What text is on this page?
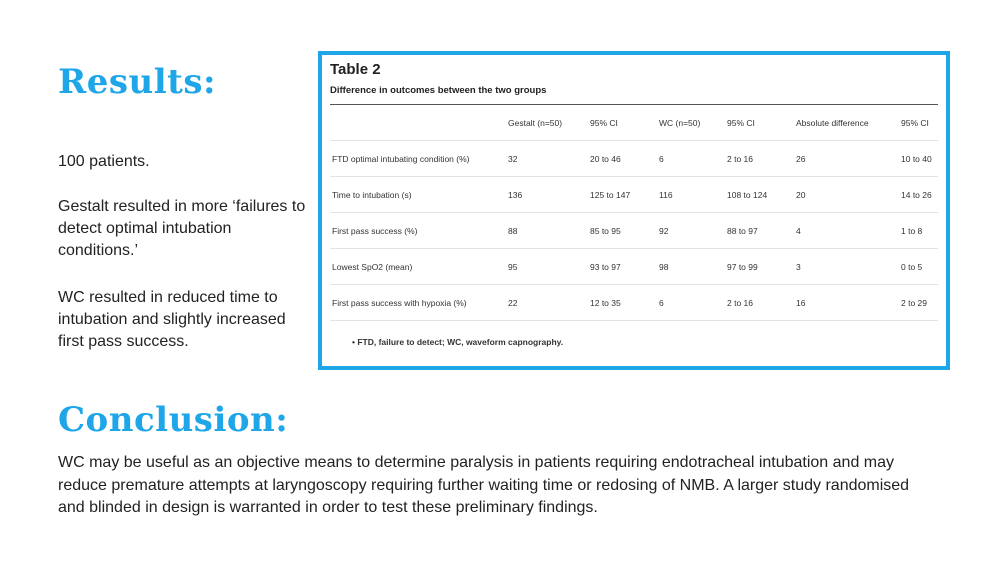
Results:
100 patients.
Gestalt resulted in more ‘failures to detect optimal intubation conditions.’
WC resulted in reduced time to intubation and slightly increased first pass success.
Table 2
Difference in outcomes between the two groups
	Gestalt (n=50)	95% CI	WC (n=50)	95% CI	Absolute difference	95% CI
FTD optimal intubating condition (%)	32	20 to 46	6	2 to 16	26	10 to 40
Time to intubation (s)	136	125 to 147	116	108 to 124	20	14 to 26
First pass success (%)	88	85 to 95	92	88 to 97	4	1 to 8
Lowest SpO2 (mean)	95	93 to 97	98	97 to 99	3	0 to 5
First pass success with hypoxia (%)	22	12 to 35	6	2 to 16	16	2 to 29
• FTD, failure to detect; WC, waveform capnography.
Conclusion:
WC may be useful as an objective means to determine paralysis in patients requiring endotracheal intubation and may reduce premature attempts at laryngoscopy requiring further waiting time or redosing of NMB. A larger study randomised and blinded in design is warranted in order to test these preliminary findings.
